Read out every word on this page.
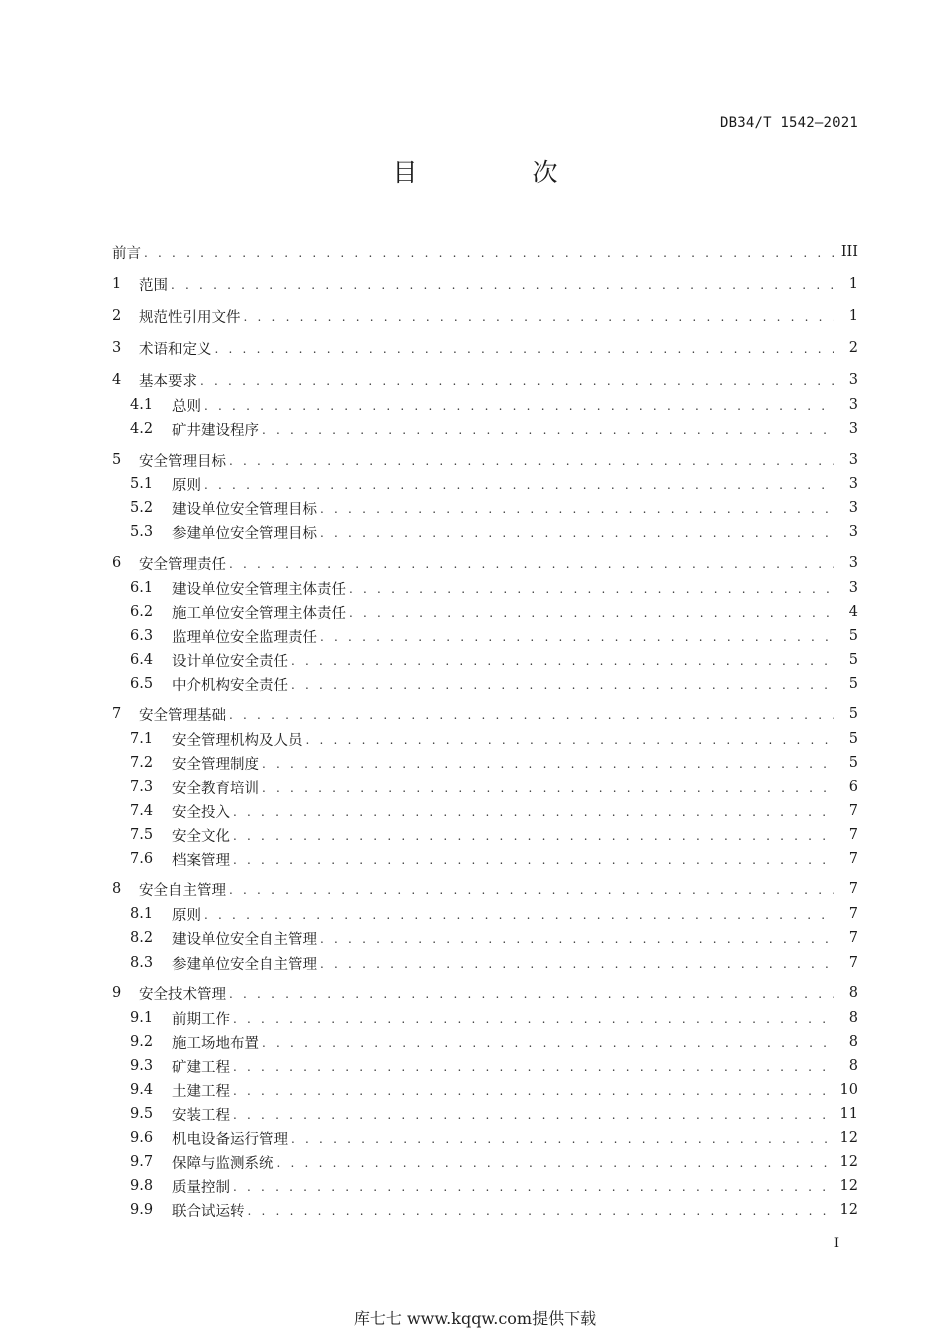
DB34/T 1542—2021
目　次
前言 . . .	III
1	范围 . . .	1
2	规范性引用文件 . . .	1
3	术语和定义 . . .	2
4	基本要求 . . .	3
4.1	总则 . . .	3
4.2	矿井建设程序 . . .	3
5	安全管理目标 . . .	3
5.1	原则 . . .	3
5.2	建设单位安全管理目标 . . .	3
5.3	参建单位安全管理目标 . . .	3
6	安全管理责任 . . .	3
6.1	建设单位安全管理主体责任 . . .	3
6.2	施工单位安全管理主体责任 . . .	4
6.3	监理单位安全监理责任 . . .	5
6.4	设计单位安全责任 . . .	5
6.5	中介机构安全责任 . . .	5
7	安全管理基础 . . .	5
7.1	安全管理机构及人员 . . .	5
7.2	安全管理制度 . . .	5
7.3	安全教育培训 . . .	6
7.4	安全投入 . . .	7
7.5	安全文化 . . .	7
7.6	档案管理 . . .	7
8	安全自主管理 . . .	7
8.1	原则 . . .	7
8.2	建设单位安全自主管理 . . .	7
8.3	参建单位安全自主管理 . . .	7
9	安全技术管理 . . .	8
9.1	前期工作 . . .	8
9.2	施工场地布置 . . .	8
9.3	矿建工程 . . .	8
9.4	土建工程 . . .	10
9.5	安装工程 . . .	11
9.6	机电设备运行管理 . . .	12
9.7	保障与监测系统 . . .	12
9.8	质量控制 . . .	12
9.9	联合试运转 . . .	12
I
库七七 www.kqqw.com提供下载
